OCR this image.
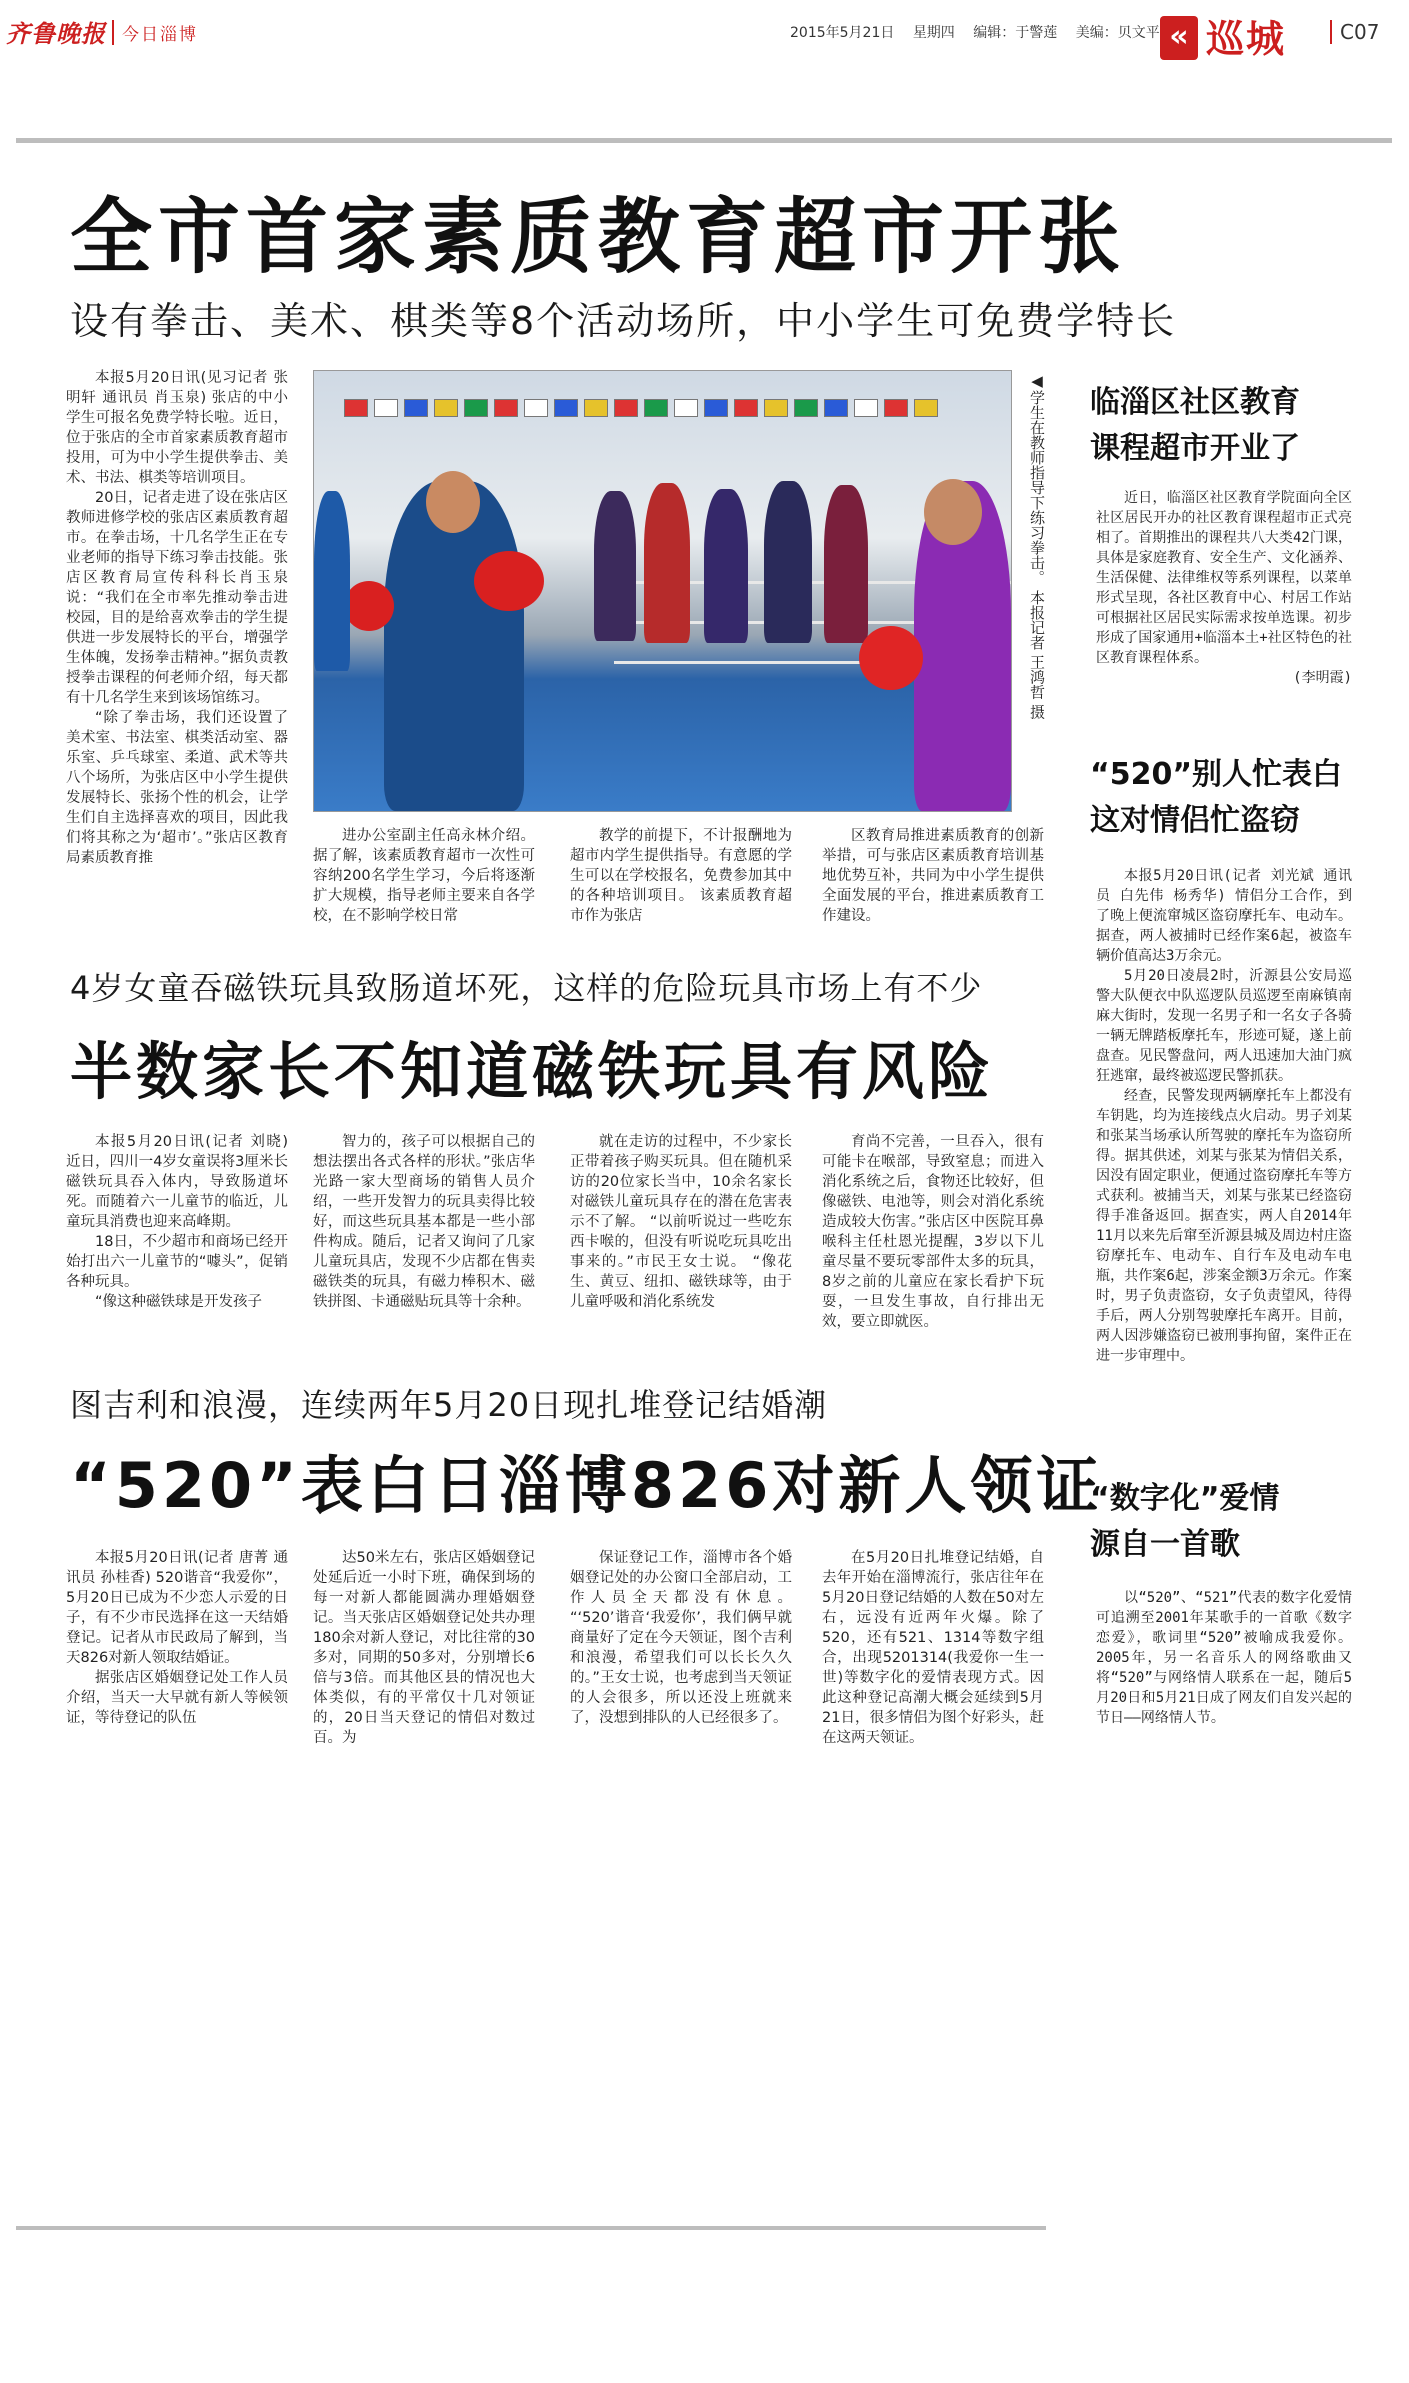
齐鲁晚报 今日淄博	2015年5月21日 星期四 编辑：于警莲 美编：贝文平 « 巡城	C07
全市首家素质教育超市开张
设有拳击、美术、棋类等8个活动场所，中小学生可免费学特长

本报5月20日讯(见习记者 张明轩 通讯员 肖玉泉) 张店的中小学生可报名免费学特长啦。近日，位于张店的全市首家素质教育超市投用，可为中小学生提供拳击、美术、书法、棋类等培训项目。

20日，记者走进了设在张店区教师进修学校的张店区素质教育超市。在拳击场，十几名学生正在专业老师的指导下练习拳击技能。张店区教育局宣传科科长肖玉泉说：“我们在全市率先推动拳击进校园，目的是给喜欢拳击的学生提供进一步发展特长的平台，增强学生体魄，发扬拳击精神。”据负责教授拳击课程的何老师介绍，每天都有十几名学生来到该场馆练习。

“除了拳击场，我们还设置了美术室、书法室、棋类活动室、器乐室、乒乓球室、柔道、武术等共八个场所，为张店区中小学生提供发展特长、张扬个性的机会，让学生们自主选择喜欢的项目，因此我们将其称之为‘超市’。”张店区教育局素质教育推

◀学生在教师指导下练习拳击。 本报记者 王鸿哲 摄

进办公室副主任高永林介绍。 据了解，该素质教育超市一次性可容纳200名学生学习，今后将逐渐扩大规模，指导老师主要来自各学校，在不影响学校日常

教学的前提下，不计报酬地为超市内学生提供指导。有意愿的学生可以在学校报名，免费参加其中的各种培训项目。 该素质教育超市作为张店

区教育局推进素质教育的创新举措，可与张店区素质教育培训基地优势互补，共同为中小学生提供全面发展的平台，推进素质教育工作建设。

4岁女童吞磁铁玩具致肠道坏死，这样的危险玩具市场上有不少
半数家长不知道磁铁玩具有风险

本报5月20日讯(记者 刘晓) 近日，四川一4岁女童误将3厘米长磁铁玩具吞入体内，导致肠道坏死。而随着六一儿童节的临近，儿童玩具消费也迎来高峰期。

18日，不少超市和商场已经开始打出六一儿童节的“噱头”，促销各种玩具。

“像这种磁铁球是开发孩子

智力的，孩子可以根据自己的想法摆出各式各样的形状。”张店华光路一家大型商场的销售人员介绍，一些开发智力的玩具卖得比较好，而这些玩具基本都是一些小部件构成。随后，记者又询问了几家儿童玩具店，发现不少店都在售卖磁铁类的玩具，有磁力棒积木、磁铁拼图、卡通磁贴玩具等十余种。

就在走访的过程中，不少家长正带着孩子购买玩具。但在随机采访的20位家长当中，10余名家长对磁铁儿童玩具存在的潜在危害表示不了解。 “以前听说过一些吃东西卡喉的，但没有听说吃玩具吃出事来的。”市民王女士说。 “像花生、黄豆、纽扣、磁铁球等，由于儿童呼吸和消化系统发

育尚不完善，一旦吞入，很有可能卡在喉部，导致窒息；而进入消化系统之后，食物还比较好，但像磁铁、电池等，则会对消化系统造成较大伤害。”张店区中医院耳鼻喉科主任杜恩光提醒，3岁以下儿童尽量不要玩零部件太多的玩具，8岁之前的儿童应在家长看护下玩耍，一旦发生事故，自行排出无效，要立即就医。

图吉利和浪漫，连续两年5月20日现扎堆登记结婚潮
“520”表白日淄博826对新人领证

本报5月20日讯(记者 唐菁 通讯员 孙桂香) 520谐音“我爱你”，5月20日已成为不少恋人示爱的日子，有不少市民选择在这一天结婚登记。记者从市民政局了解到，当天826对新人领取结婚证。

据张店区婚姻登记处工作人员介绍，当天一大早就有新人等候领证，等待登记的队伍

达50米左右，张店区婚姻登记处延后近一小时下班，确保到场的每一对新人都能圆满办理婚姻登记。当天张店区婚姻登记处共办理180余对新人登记，对比往常的30多对，同期的50多对，分别增长6倍与3倍。而其他区县的情况也大体类似，有的平常仅十几对领证的，20日当天登记的情侣对数过百。为

保证登记工作，淄博市各个婚姻登记处的办公窗口全部启动，工作人员全天都没有休息。 “‘520’谐音‘我爱你’，我们俩早就商量好了定在今天领证，图个吉利和浪漫，希望我们可以长长久久的。”王女士说，也考虑到当天领证的人会很多，所以还没上班就来了，没想到排队的人已经很多了。

在5月20日扎堆登记结婚，自去年开始在淄博流行，张店往年在5月20日登记结婚的人数在50对左右，远没有近两年火爆。除了520，还有521、1314等数字组合，出现5201314(我爱你一生一世)等数字化的爱情表现方式。因此这种登记高潮大概会延续到5月21日，很多情侣为图个好彩头，赶在这两天领证。

临淄区社区教育
课程超市开业了

近日，临淄区社区教育学院面向全区社区居民开办的社区教育课程超市正式亮相了。首期推出的课程共八大类42门课，具体是家庭教育、安全生产、文化涵养、生活保健、法律维权等系列课程，以菜单形式呈现，各社区教育中心、村居工作站可根据社区居民实际需求按单选课。初步形成了国家通用+临淄本土+社区特色的社区教育课程体系。

(李明霞)
“520”别人忙表白
这对情侣忙盗窃

本报5月20日讯(记者 刘光斌 通讯员 白先伟 杨秀华) 情侣分工合作，到了晚上便流窜城区盗窃摩托车、电动车。据查，两人被捕时已经作案6起，被盗车辆价值高达3万余元。

5月20日凌晨2时，沂源县公安局巡警大队便衣中队巡逻队员巡逻至南麻镇南麻大街时，发现一名男子和一名女子各骑一辆无牌踏板摩托车，形迹可疑，遂上前盘查。见民警盘问，两人迅速加大油门疯狂逃窜，最终被巡逻民警抓获。

经查，民警发现两辆摩托车上都没有车钥匙，均为连接线点火启动。男子刘某和张某当场承认所驾驶的摩托车为盗窃所得。据其供述，刘某与张某为情侣关系，因没有固定职业，便通过盗窃摩托车等方式获利。被捕当天，刘某与张某已经盗窃得手准备返回。据查实，两人自2014年11月以来先后窜至沂源县城及周边村庄盗窃摩托车、电动车、自行车及电动车电瓶，共作案6起，涉案金额3万余元。作案时，男子负责盗窃，女子负责望风，待得手后，两人分别驾驶摩托车离开。目前，两人因涉嫌盗窃已被刑事拘留，案件正在进一步审理中。

“数字化”爱情
源自一首歌

以“520”、“521”代表的数字化爱情可追溯至2001年某歌手的一首歌《数字恋爱》，歌词里“520”被喻成我爱你。2005年，另一名音乐人的网络歌曲又将“520”与网络情人联系在一起，随后5月20日和5月21日成了网友们自发兴起的节日——网络情人节。
